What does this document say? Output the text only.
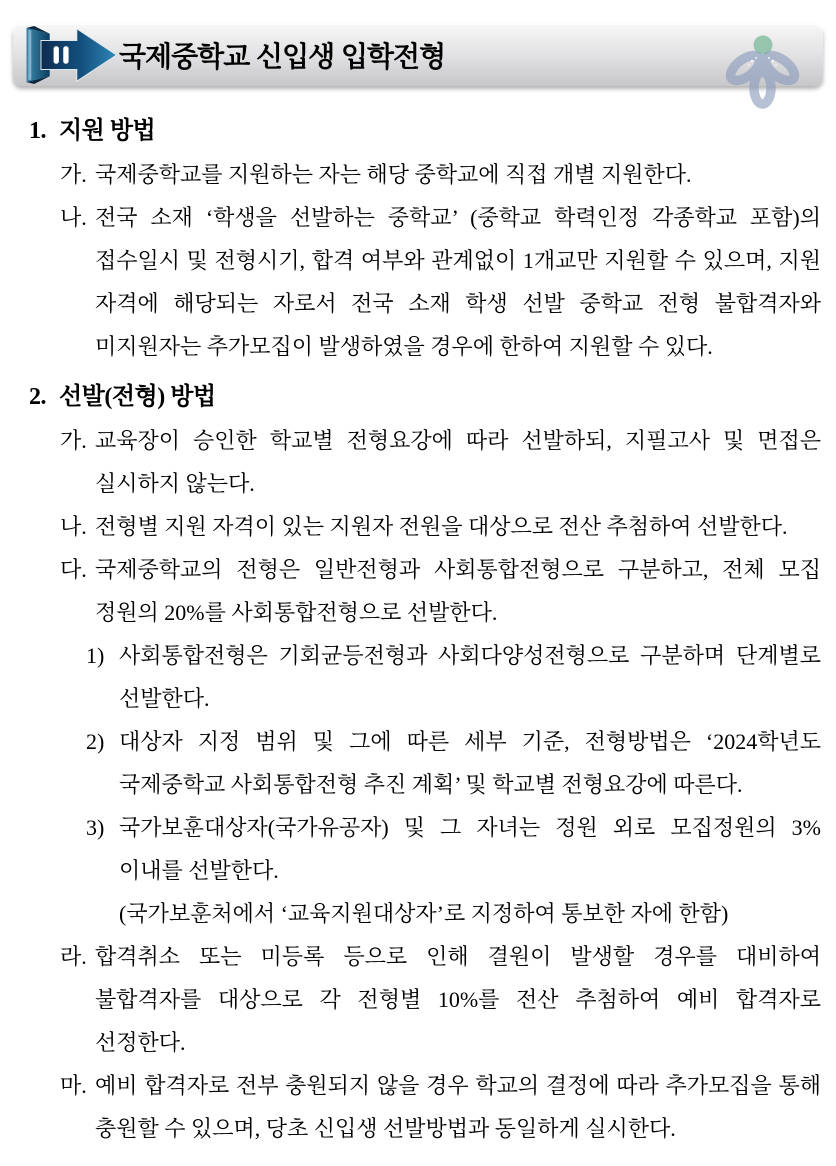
국제중학교 신입생 입학전형
1. 지원 방법
가. 국제중학교를 지원하는 자는 해당 중학교에 직접 개별 지원한다.
나. 전국 소재 ‘학생을 선발하는 중학교’ (중학교 학력인정 각종학교 포함)의 접수일시 및 전형시기, 합격 여부와 관계없이 1개교만 지원할 수 있으며, 지원 자격에 해당되는 자로서 전국 소재 학생 선발 중학교 전형 불합격자와 미지원자는 추가모집이 발생하였을 경우에 한하여 지원할 수 있다.
2. 선발(전형) 방법
가. 교육장이 승인한 학교별 전형요강에 따라 선발하되, 지필고사 및 면접은 실시하지 않는다.
나. 전형별 지원 자격이 있는 지원자 전원을 대상으로 전산 추첨하여 선발한다.
다. 국제중학교의 전형은 일반전형과 사회통합전형으로 구분하고, 전체 모집 정원의 20%를 사회통합전형으로 선발한다.
1) 사회통합전형은 기회균등전형과 사회다양성전형으로 구분하며 단계별로 선발한다.
2) 대상자 지정 범위 및 그에 따른 세부 기준, 전형방법은 ‘2024학년도 국제중학교 사회통합전형 추진 계획’ 및 학교별 전형요강에 따른다.
3) 국가보훈대상자(국가유공자) 및 그 자녀는 정원 외로 모집정원의 3% 이내를 선발한다.
(국가보훈처에서 ‘교육지원대상자’로 지정하여 통보한 자에 한함)
라. 합격취소 또는 미등록 등으로 인해 결원이 발생할 경우를 대비하여 불합격자를 대상으로 각 전형별 10%를 전산 추첨하여 예비 합격자로 선정한다.
마. 예비 합격자로 전부 충원되지 않을 경우 학교의 결정에 따라 추가모집을 통해 충원할 수 있으며, 당초 신입생 선발방법과 동일하게 실시한다.
